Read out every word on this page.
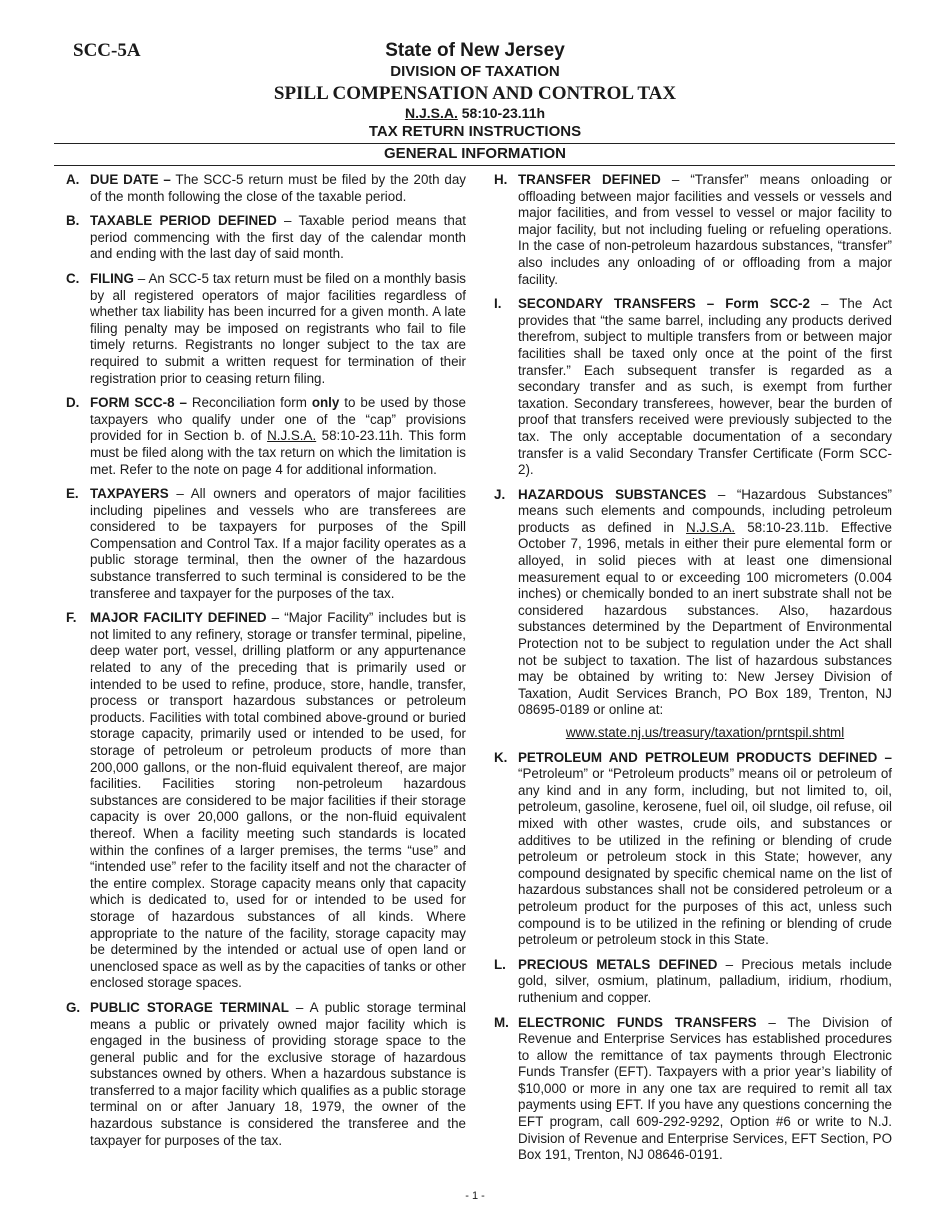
SCC-5A	State of New Jersey
DIVISION OF TAXATION
SPILL COMPENSATION AND CONTROL TAX
N.J.S.A. 58:10-23.11h
TAX RETURN INSTRUCTIONS
GENERAL INFORMATION
A. DUE DATE – The SCC-5 return must be filed by the 20th day of the month following the close of the taxable period.
B. TAXABLE PERIOD DEFINED – Taxable period means that period commencing with the first day of the calendar month and ending with the last day of said month.
C. FILING – An SCC-5 tax return must be filed on a monthly basis by all registered operators of major facilities regardless of whether tax liability has been incurred for a given month. A late filing penalty may be imposed on registrants who fail to file timely returns. Registrants no longer subject to the tax are required to submit a written request for termination of their registration prior to ceasing return filing.
D. FORM SCC-8 – Reconciliation form only to be used by those taxpayers who qualify under one of the “cap” provisions provided for in Section b. of N.J.S.A. 58:10-23.11h. This form must be filed along with the tax return on which the limitation is met. Refer to the note on page 4 for additional information.
E. TAXPAYERS – All owners and operators of major facilities including pipelines and vessels who are transferees are considered to be taxpayers for purposes of the Spill Compensation and Control Tax. If a major facility operates as a public storage terminal, then the owner of the hazardous substance transferred to such terminal is considered to be the transferee and taxpayer for the purposes of the tax.
F. MAJOR FACILITY DEFINED – “Major Facility” includes but is not limited to any refinery, storage or transfer terminal, pipeline, deep water port, vessel, drilling platform or any appurtenance related to any of the preceding that is primarily used or intended to be used to refine, produce, store, handle, transfer, process or transport hazardous substances or petroleum products. Facilities with total combined above-ground or buried storage capacity, primarily used or intended to be used, for storage of petroleum or petroleum products of more than 200,000 gallons, or the non-fluid equivalent thereof, are major facilities. Facilities storing non-petroleum hazardous substances are considered to be major facilities if their storage capacity is over 20,000 gallons, or the non-fluid equivalent thereof. When a facility meeting such standards is located within the confines of a larger premises, the terms “use” and “intended use” refer to the facility itself and not the character of the entire complex. Storage capacity means only that capacity which is dedicated to, used for or intended to be used for storage of hazardous substances of all kinds. Where appropriate to the nature of the facility, storage capacity may be determined by the intended or actual use of open land or unenclosed space as well as by the capacities of tanks or other enclosed storage spaces.
G. PUBLIC STORAGE TERMINAL – A public storage terminal means a public or privately owned major facility which is engaged in the business of providing storage space to the general public and for the exclusive storage of hazardous substances owned by others. When a hazardous substance is transferred to a major facility which qualifies as a public storage terminal on or after January 18, 1979, the owner of the hazardous substance is considered the transferee and the taxpayer for purposes of the tax.
H. TRANSFER DEFINED – “Transfer” means onloading or offloading between major facilities and vessels or vessels and major facilities, and from vessel to vessel or major facility to major facility, but not including fueling or refueling operations. In the case of non-petroleum hazardous substances, “transfer” also includes any onloading of or offloading from a major facility.
I. SECONDARY TRANSFERS – Form SCC-2 – The Act provides that “the same barrel, including any products derived therefrom, subject to multiple transfers from or between major facilities shall be taxed only once at the point of the first transfer.” Each subsequent transfer is regarded as a secondary transfer and as such, is exempt from further taxation. Secondary transferees, however, bear the burden of proof that transfers received were previously subjected to the tax. The only acceptable documentation of a secondary transfer is a valid Secondary Transfer Certificate (Form SCC-2).
J. HAZARDOUS SUBSTANCES – “Hazardous Substances” means such elements and compounds, including petroleum products as defined in N.J.S.A. 58:10-23.11b. Effective October 7, 1996, metals in either their pure elemental form or alloyed, in solid pieces with at least one dimensional measurement equal to or exceeding 100 micrometers (0.004 inches) or chemically bonded to an inert substrate shall not be considered hazardous substances. Also, hazardous substances determined by the Department of Environmental Protection not to be subject to regulation under the Act shall not be subject to taxation. The list of hazardous substances may be obtained by writing to: New Jersey Division of Taxation, Audit Services Branch, PO Box 189, Trenton, NJ 08695-0189 or online at:
www.state.nj.us/treasury/taxation/prntspil.shtml
K. PETROLEUM AND PETROLEUM PRODUCTS DEFINED – “Petroleum” or “Petroleum products” means oil or petroleum of any kind and in any form, including, but not limited to, oil, petroleum, gasoline, kerosene, fuel oil, oil sludge, oil refuse, oil mixed with other wastes, crude oils, and substances or additives to be utilized in the refining or blending of crude petroleum or petroleum stock in this State; however, any compound designated by specific chemical name on the list of hazardous substances shall not be considered petroleum or a petroleum product for the purposes of this act, unless such compound is to be utilized in the refining or blending of crude petroleum or petroleum stock in this State.
L. PRECIOUS METALS DEFINED – Precious metals include gold, silver, osmium, platinum, palladium, iridium, rhodium, ruthenium and copper.
M. ELECTRONIC FUNDS TRANSFERS – The Division of Revenue and Enterprise Services has established procedures to allow the remittance of tax payments through Electronic Funds Transfer (EFT). Taxpayers with a prior year’s liability of $10,000 or more in any one tax are required to remit all tax payments using EFT. If you have any questions concerning the EFT program, call 609-292-9292, Option #6 or write to N.J. Division of Revenue and Enterprise Services, EFT Section, PO Box 191, Trenton, NJ 08646-0191.
- 1 -
